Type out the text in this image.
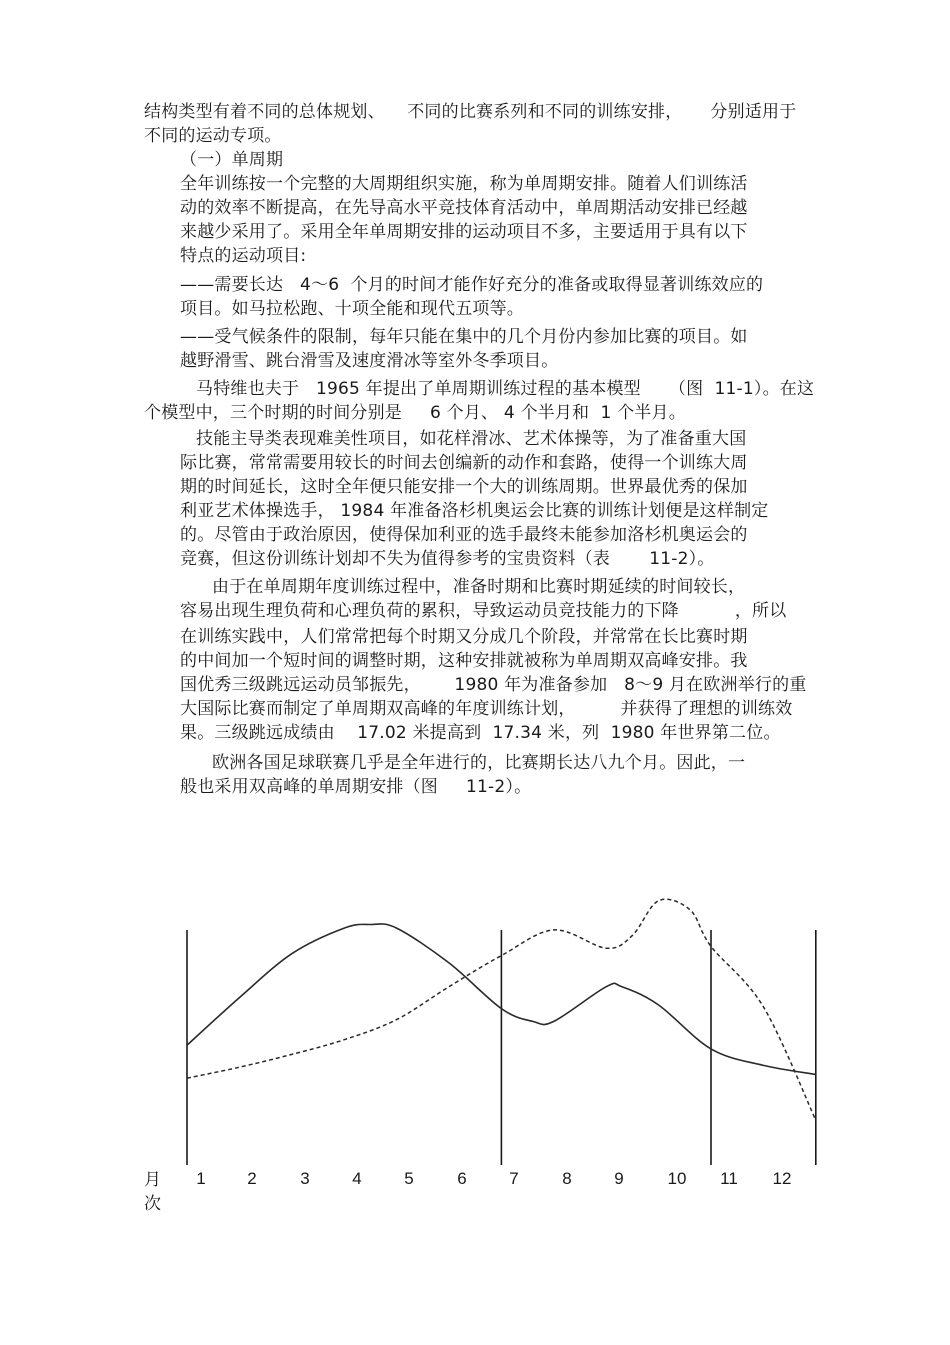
结构类型有着不同的总体规划、    不同的比赛系列和不同的训练安排，     分别适用于
不同的运动专项。
（一）单周期
全年训练按一个完整的大周期组织实施，称为单周期安排。随着人们训练活
动的效率不断提高，在先导高水平竞技体育活动中，单周期活动安排已经越
来越少采用了。采用全年单周期安排的运动项目不多，主要适用于具有以下
特点的运动项目:
——需要长达   4～6  个月的时间才能作好充分的准备或取得显著训练效应的
项目。如马拉松跑、十项全能和现代五项等。
——受气候条件的限制，每年只能在集中的几个月份内参加比赛的项目。如
越野滑雪、跳台滑雪及速度滑冰等室外冬季项目。
马特维也夫于   1965 年提出了单周期训练过程的基本模型     （图  11-1）。在这
个模型中，三个时期的时间分别是     6 个月、 4 个半月和  1 个半月。
技能主导类表现难美性项目，如花样滑冰、艺术体操等，为了准备重大国
际比赛，常常需要用较长的时间去创编新的动作和套路，使得一个训练大周
期的时间延长，这时全年便只能安排一个大的训练周期。世界最优秀的保加
利亚艺术体操选手， 1984 年准备洛杉机奥运会比赛的训练计划便是这样制定
的。尽管由于政治原因，使得保加利亚的选手最终未能参加洛杉机奥运会的
竞赛，但这份训练计划却不失为值得参考的宝贵资料（表       11-2）。
由于在单周期年度训练过程中，准备时期和比赛时期延续的时间较长，
容易出现生理负荷和心理负荷的累积，导致运动员竞技能力的下降          ，所以
在训练实践中，人们常常把每个时期又分成几个阶段，并常常在长比赛时期
的中间加一个短时间的调整时期，这种安排就被称为单周期双高峰安排。我
国优秀三级跳远运动员邹振先，      1980 年为准备参加   8～9 月在欧洲举行的重
大国际比赛而制定了单周期双高峰的年度训练计划，        并获得了理想的训练效
果。三级跳远成绩由    17.02 米提高到  17.34 米，列  1980 年世界第二位。
欧洲各国足球联赛几乎是全年进行的，比赛期长达八九个月。因此，一
般也采用双高峰的单周期安排（图     11-2）。
1 2	3	4	5	6	7	8	9	10 11 12
月次
